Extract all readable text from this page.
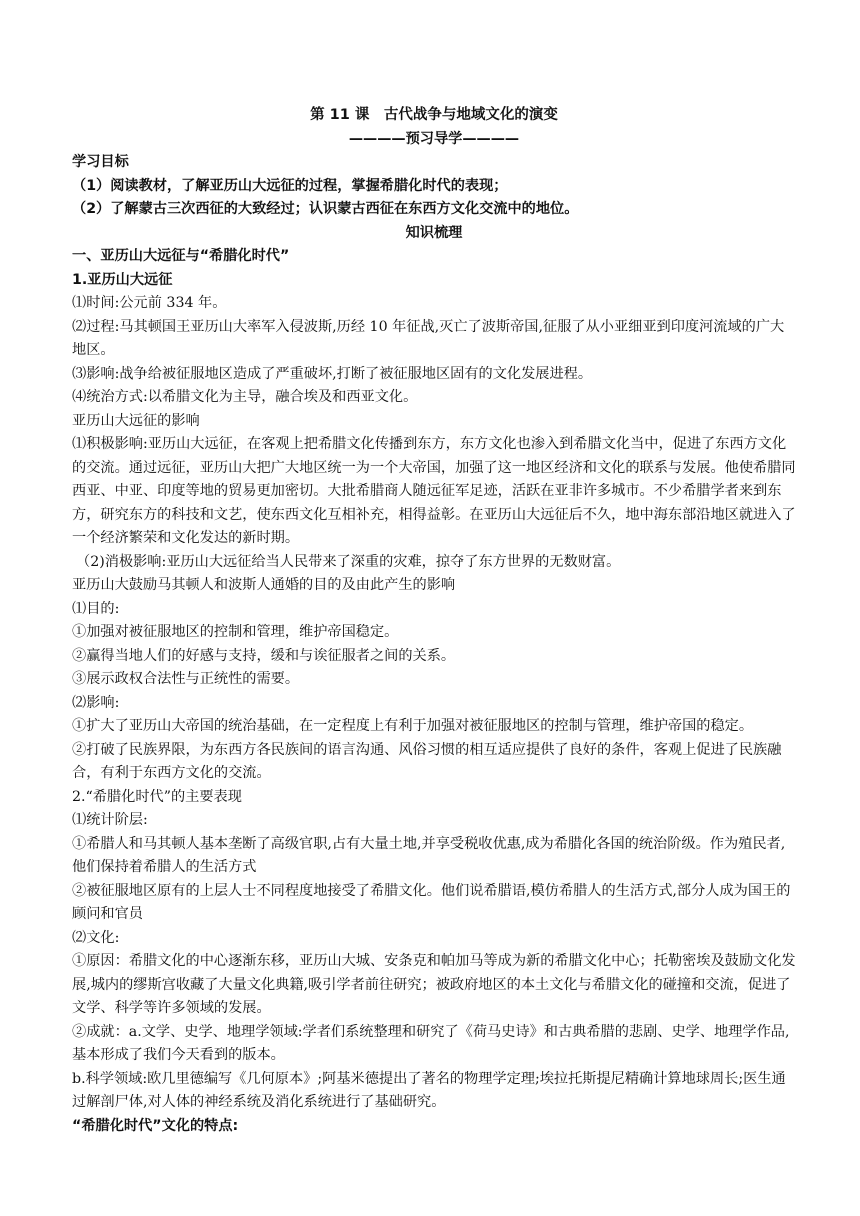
第 11 课　古代战争与地域文化的演变

————预习导学————

学习目标

（1）阅读教材，了解亚历山大远征的过程，掌握希腊化时代的表现；

（2）了解蒙古三次西征的大致经过；认识蒙古西征在东西方文化交流中的地位。

知识梳理

一、亚历山大远征与“希腊化时代”

1.亚历山大远征

⑴时间:公元前 334 年。

⑵过程:马其顿国王亚历山大率军入侵波斯,历经 10 年征战,灭亡了波斯帝国,征服了从小亚细亚到印度河流域的广大地区。

⑶影响:战争给被征服地区造成了严重破坏,打断了被征服地区固有的文化发展进程。

⑷统治方式:以希腊文化为主导，融合埃及和西亚文化。

亚历山大远征的影响

⑴积极影响:亚历山大远征，在客观上把希腊文化传播到东方，东方文化也渗入到希腊文化当中，促进了东西方文化的交流。通过远征，亚历山大把广大地区统一为一个大帝国，加强了这一地区经济和文化的联系与发展。他使希腊同西亚、中亚、印度等地的贸易更加密切。大批希腊商人随远征军足迹，活跃在亚非许多城市。不少希腊学者来到东方，研究东方的科技和文艺，使东西文化互相补充，相得益彰。在亚历山大远征后不久，地中海东部沿地区就进入了一个经济繁荣和文化发达的新时期。

（2)消极影响:亚历山大远征给当人民带来了深重的灾难，掠夺了东方世界的无数财富。

亚历山大鼓励马其顿人和波斯人通婚的目的及由此产生的影响

⑴目的:

①加强对被征服地区的控制和管理，维护帝国稳定。

②赢得当地人们的好感与支持，缓和与诶征服者之间的关系。

③展示政权合法性与正统性的需要。

⑵影响:

①扩大了亚历山大帝国的统治基础，在一定程度上有利于加强对被征服地区的控制与管理，维护帝国的稳定。

②打破了民族界限，为东西方各民族间的语言沟通、风俗习惯的相互适应提供了良好的条件，客观上促进了民族融合，有利于东西方文化的交流。

2.“希腊化时代”的主要表现

⑴统计阶层:

①希腊人和马其顿人基本垄断了高级官职,占有大量土地,并享受税收优惠,成为希腊化各国的统治阶级。作为殖民者,他们保持着希腊人的生活方式

②被征服地区原有的上层人士不同程度地接受了希腊文化。他们说希腊语,模仿希腊人的生活方式,部分人成为国王的顾问和官员

⑵文化:

①原因：希腊文化的中心逐渐东移，亚历山大城、安条克和帕加马等成为新的希腊文化中心；托勒密埃及鼓励文化发展,城内的缪斯宫收藏了大量文化典籍,吸引学者前往研究；被政府地区的本土文化与希腊文化的碰撞和交流，促进了文学、科学等许多领域的发展。

②成就：a.文学、史学、地理学领域:学者们系统整理和研究了《荷马史诗》和古典希腊的悲剧、史学、地理学作品,基本形成了我们今天看到的版本。

b.科学领域:欧几里德编写《几何原本》;阿基米德提出了著名的物理学定理;埃拉托斯提尼精确计算地球周长;医生通过解剖尸体,对人体的神经系统及消化系统进行了基础研究。

“希腊化时代”文化的特点:
